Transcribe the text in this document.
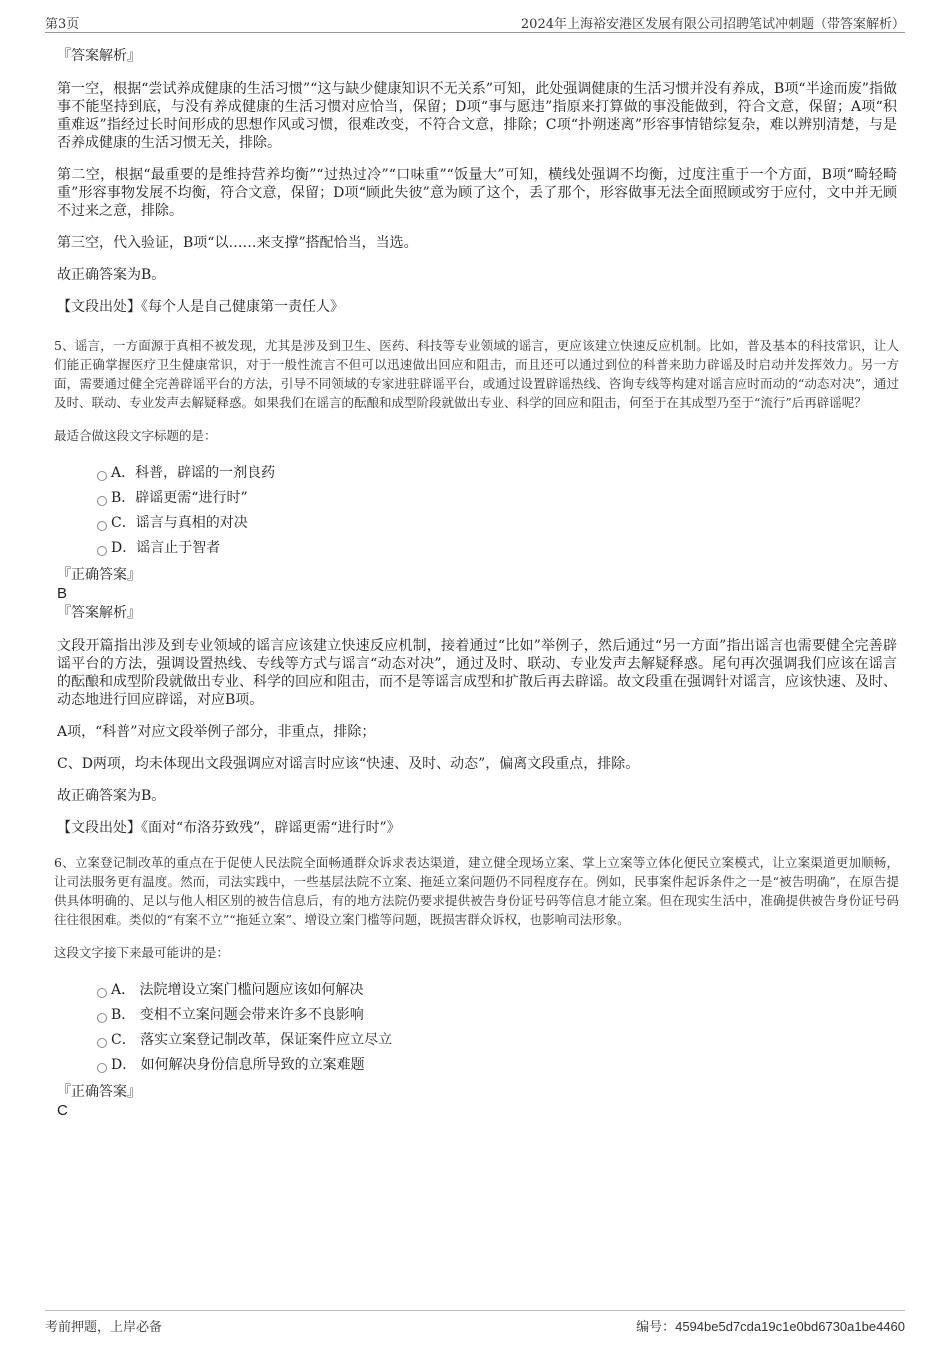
第3页	2024年上海裕安港区发展有限公司招聘笔试冲刺题（带答案解析）

『答案解析』

第一空，根据“尝试养成健康的生活习惯”“这与缺少健康知识不无关系”可知，此处强调健康的生活习惯并没有养成，B项“半途而废”指做事不能坚持到底，与没有养成健康的生活习惯对应恰当，保留；D项“事与愿违”指原来打算做的事没能做到，符合文意，保留；A项“积重难返”指经过长时间形成的思想作风或习惯，很难改变，不符合文意，排除；C项“扑朔迷离”形容事情错综复杂，难以辨别清楚，与是否养成健康的生活习惯无关，排除。

第二空，根据“最重要的是维持营养均衡”“过热过冷”“口味重”“饭量大”可知，横线处强调不均衡，过度注重于一个方面，B项“畸轻畸重”形容事物发展不均衡，符合文意，保留；D项“顾此失彼”意为顾了这个，丢了那个，形容做事无法全面照顾或穷于应付，文中并无顾不过来之意，排除。

第三空，代入验证，B项“以……来支撑”搭配恰当，当选。

故正确答案为B。

【文段出处】《每个人是自己健康第一责任人》

5、谣言，一方面源于真相不被发现，尤其是涉及到卫生、医药、科技等专业领域的谣言，更应该建立快速反应机制。比如，普及基本的科技常识，让人们能正确掌握医疗卫生健康常识，对于一般性流言不但可以迅速做出回应和阻击，而且还可以通过到位的科普来助力辟谣及时启动并发挥效力。另一方面，需要通过健全完善辟谣平台的方法，引导不同领域的专家进驻辟谣平台，或通过设置辟谣热线、咨询专线等构建对谣言应时而动的“动态对决”，通过及时、联动、专业发声去解疑释惑。如果我们在谣言的酝酿和成型阶段就做出专业、科学的回应和阻击，何至于在其成型乃至于“流行”后再辟谣呢？

最适合做这段文字标题的是：

A．科普，辟谣的一剂良药
B．辟谣更需“进行时”
C．谣言与真相的对决
D．谣言止于智者

『正确答案』

B

『答案解析』

文段开篇指出涉及到专业领域的谣言应该建立快速反应机制，接着通过“比如”举例子，然后通过“另一方面”指出谣言也需要健全完善辟谣平台的方法，强调设置热线、专线等方式与谣言“动态对决”，通过及时、联动、专业发声去解疑释惑。尾句再次强调我们应该在谣言的酝酿和成型阶段就做出专业、科学的回应和阻击，而不是等谣言成型和扩散后再去辟谣。故文段重在强调针对谣言，应该快速、及时、动态地进行回应辟谣，对应B项。

A项，“科普”对应文段举例子部分，非重点，排除；

C、D两项，均未体现出文段强调应对谣言时应该“快速、及时、动态”，偏离文段重点，排除。

故正确答案为B。

【文段出处】《面对“布洛芬致残”，辟谣更需“进行时”》

6、立案登记制改革的重点在于促使人民法院全面畅通群众诉求表达渠道，建立健全现场立案、掌上立案等立体化便民立案模式，让立案渠道更加顺畅，让司法服务更有温度。然而，司法实践中，一些基层法院不立案、拖延立案问题仍不同程度存在。例如，民事案件起诉条件之一是“被告明确”，在原告提供具体明确的、足以与他人相区别的被告信息后，有的地方法院仍要求提供被告身份证号码等信息才能立案。但在现实生活中，准确提供被告身份证号码往往很困难。类似的“有案不立”“拖延立案”、增设立案门槛等问题，既损害群众诉权，也影响司法形象。

这段文字接下来最可能讲的是：

A． 法院增设立案门槛问题应该如何解决
B． 变相不立案问题会带来许多不良影响
C． 落实立案登记制改革，保证案件应立尽立
D． 如何解决身份信息所导致的立案难题

『正确答案』

C

考前押题，上岸必备	编号：4594be5d7cda19c1e0bd6730a1be4460
